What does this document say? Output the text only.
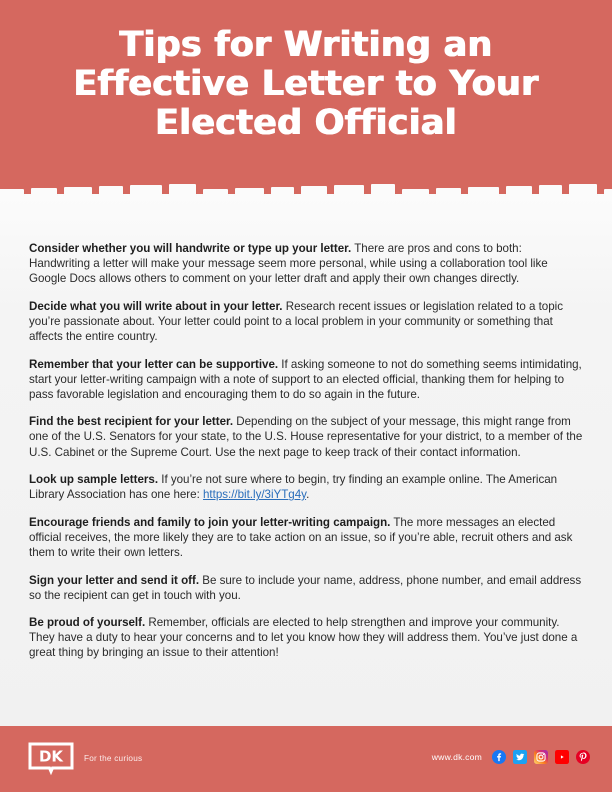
Tips for Writing an
Effective Letter to Your
Elected Official

Consider whether you will handwrite or type up your letter. There are pros and cons to both: Handwriting a letter will make your message seem more personal, while using a collaboration tool like Google Docs allows others to comment on your letter draft and apply their own changes directly.

Decide what you will write about in your letter. Research recent issues or legislation related to a topic you’re passionate about. Your letter could point to a local problem in your community or something that affects the entire country.

Remember that your letter can be supportive. If asking someone to not do something seems intimidating, start your letter-writing campaign with a note of support to an elected official, thanking them for helping to pass favorable legislation and encouraging them to do so again in the future.

Find the best recipient for your letter. Depending on the subject of your message, this might range from one of the U.S. Senators for your state, to the U.S. House representative for your district, to a member of the U.S. Cabinet or the Supreme Court. Use the next page to keep track of their contact information.

Look up sample letters. If you’re not sure where to begin, try finding an example online. The American Library Association has one here: https://bit.ly/3iYTg4y.

Encourage friends and family to join your letter-writing campaign. The more messages an elected official receives, the more likely they are to take action on an issue, so if you’re able, recruit others and ask them to write their own letters.

Sign your letter and send it off. Be sure to include your name, address, phone number, and email address so the recipient can get in touch with you.

Be proud of yourself. Remember, officials are elected to help strengthen and improve your community. They have a duty to hear your concerns and to let you know how they will address them. You’ve just done a great thing by bringing an issue to their attention!

DK	For the curious	www.dk.com
